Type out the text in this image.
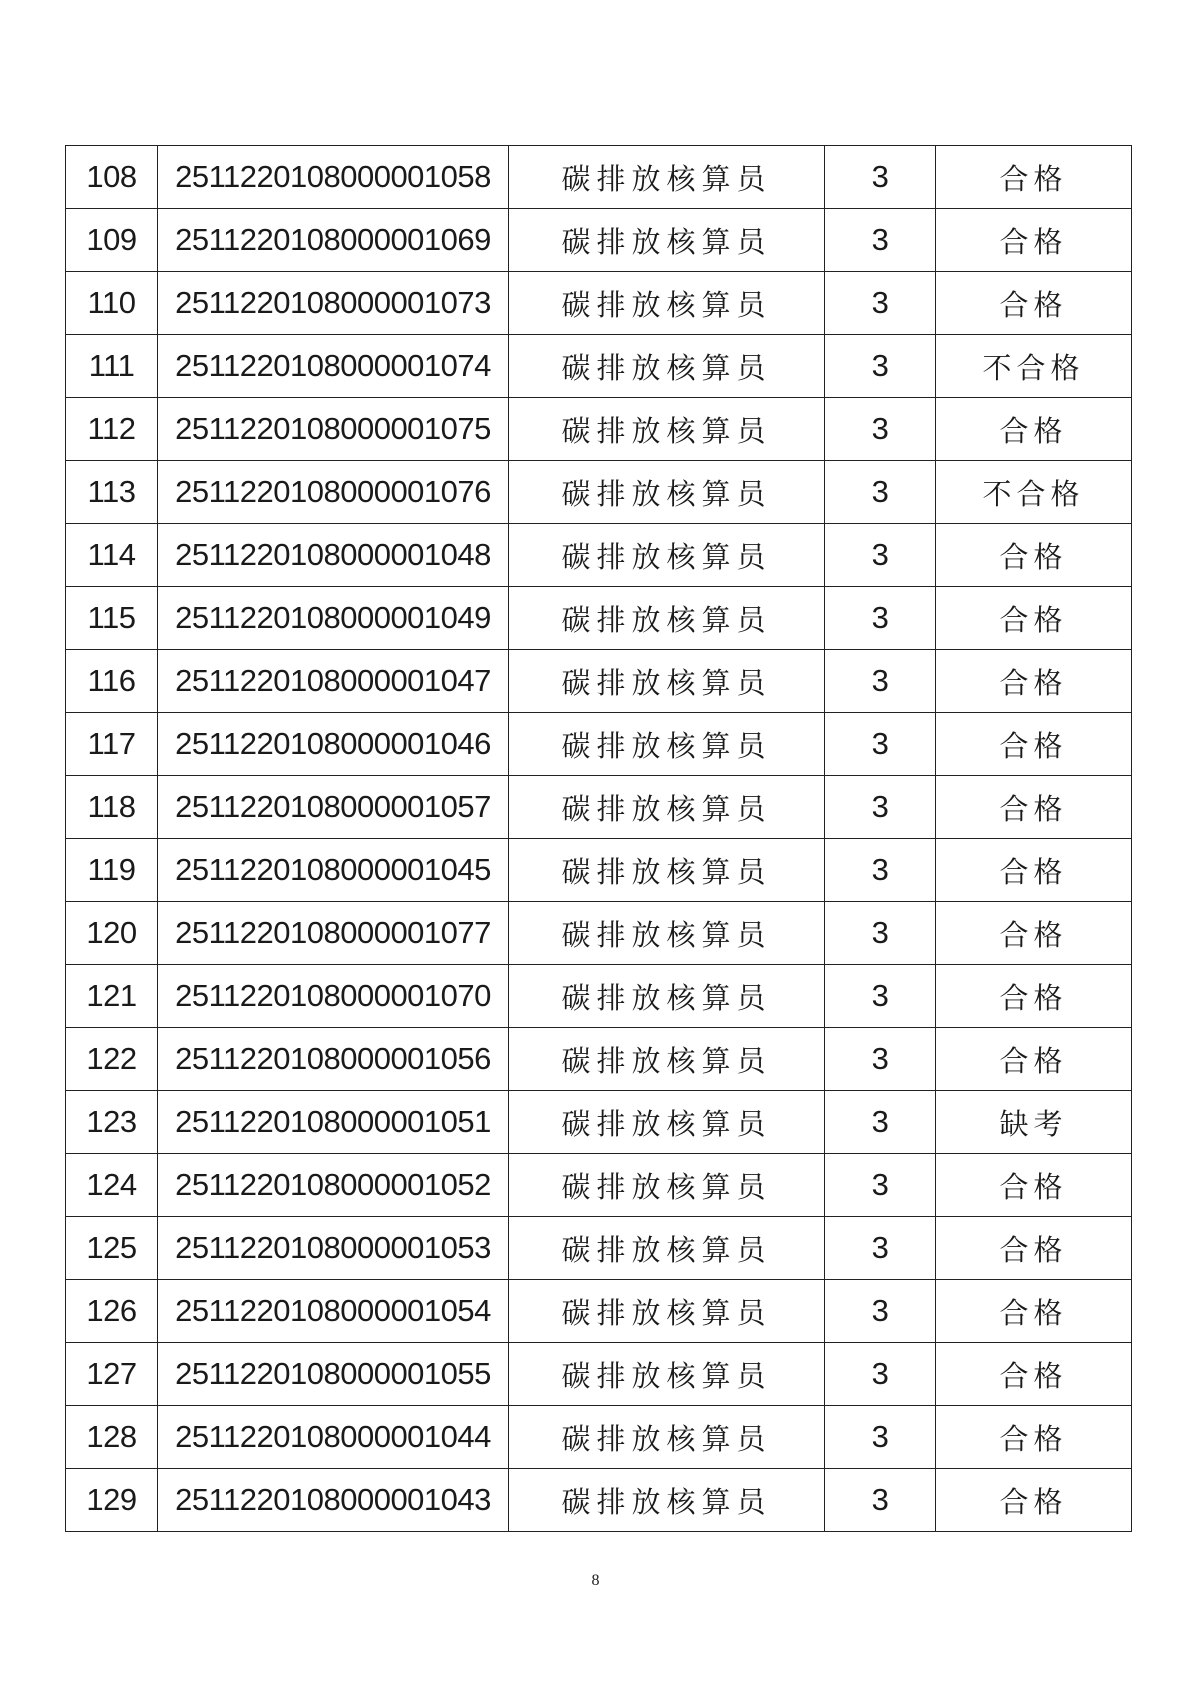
108	2511220108000001058	碳排放核算员	3	合格
109	2511220108000001069	碳排放核算员	3	合格
110	2511220108000001073	碳排放核算员	3	合格
111	2511220108000001074	碳排放核算员	3	不合格
112	2511220108000001075	碳排放核算员	3	合格
113	2511220108000001076	碳排放核算员	3	不合格
114	2511220108000001048	碳排放核算员	3	合格
115	2511220108000001049	碳排放核算员	3	合格
116	2511220108000001047	碳排放核算员	3	合格
117	2511220108000001046	碳排放核算员	3	合格
118	2511220108000001057	碳排放核算员	3	合格
119	2511220108000001045	碳排放核算员	3	合格
120	2511220108000001077	碳排放核算员	3	合格
121	2511220108000001070	碳排放核算员	3	合格
122	2511220108000001056	碳排放核算员	3	合格
123	2511220108000001051	碳排放核算员	3	缺考
124	2511220108000001052	碳排放核算员	3	合格
125	2511220108000001053	碳排放核算员	3	合格
126	2511220108000001054	碳排放核算员	3	合格
127	2511220108000001055	碳排放核算员	3	合格
128	2511220108000001044	碳排放核算员	3	合格
129	2511220108000001043	碳排放核算员	3	合格
8
